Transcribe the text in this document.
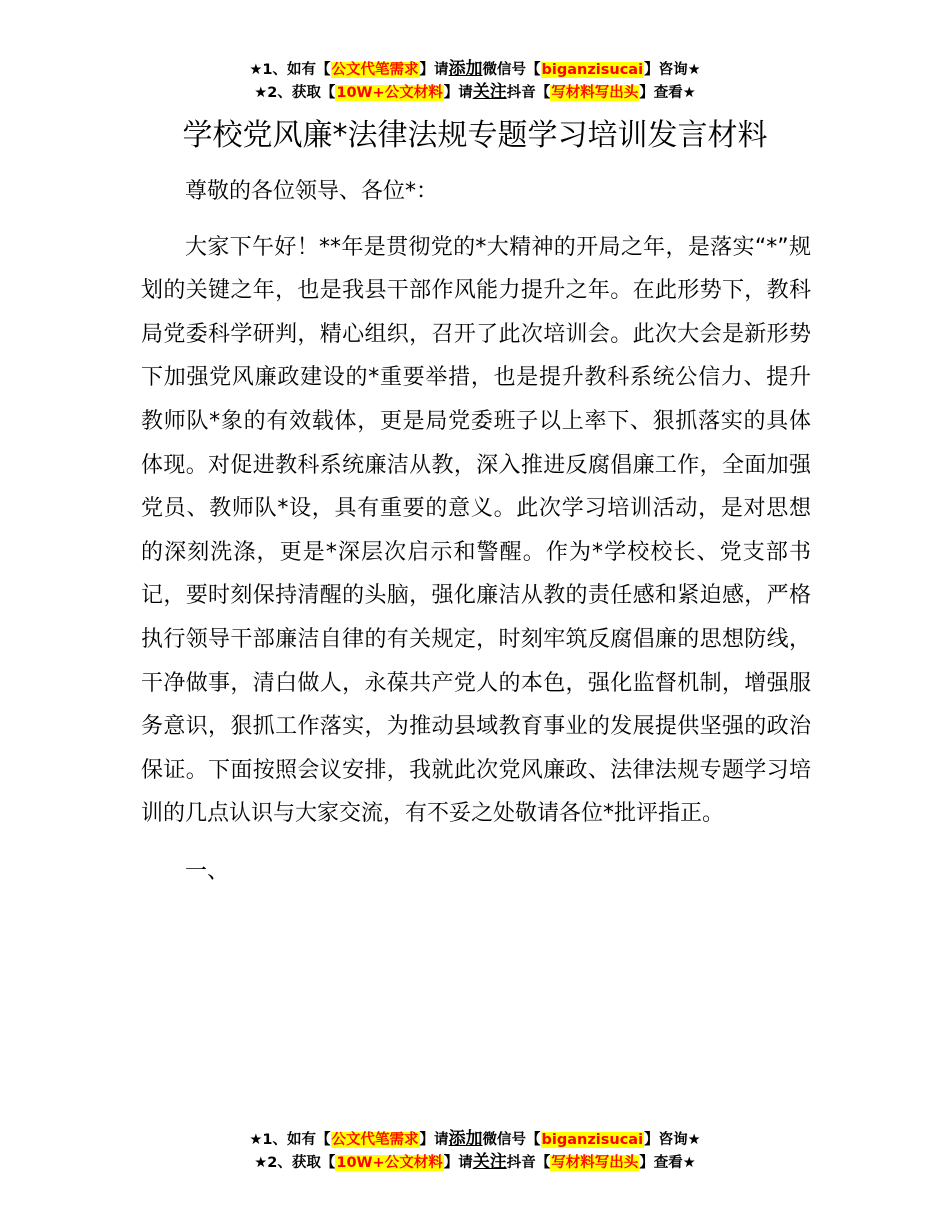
★1、如有【公文代笔需求】请添加微信号【biganzisucai】咨询★
★2、获取【10W+公文材料】请关注抖音【写材料写出头】查看★
学校党风廉*法律法规专题学习培训发言材料

尊敬的各位领导、各位*：

大家下午好！**年是贯彻党的*大精神的开局之年，是落实“*”规划的关键之年，也是我县干部作风能力提升之年。在此形势下，教科局党委科学研判，精心组织，召开了此次培训会。此次大会是新形势下加强党风廉政建设的*重要举措，也是提升教科系统公信力、提升教师队*象的有效载体，更是局党委班子以上率下、狠抓落实的具体体现。对促进教科系统廉洁从教，深入推进反腐倡廉工作，全面加强党员、教师队*设，具有重要的意义。此次学习培训活动，是对思想的深刻洗涤，更是*深层次启示和警醒。作为*学校校长、党支部书记，要时刻保持清醒的头脑，强化廉洁从教的责任感和紧迫感，严格执行领导干部廉洁自律的有关规定，时刻牢筑反腐倡廉的思想防线，干净做事，清白做人，永葆共产党人的本色，强化监督机制，增强服务意识，狠抓工作落实，为推动县域教育事业的发展提供坚强的政治保证。下面按照会议安排，我就此次党风廉政、法律法规专题学习培训的几点认识与大家交流，有不妥之处敬请各位*批评指正。

一、

★1、如有【公文代笔需求】请添加微信号【biganzisucai】咨询★
★2、获取【10W+公文材料】请关注抖音【写材料写出头】查看★
